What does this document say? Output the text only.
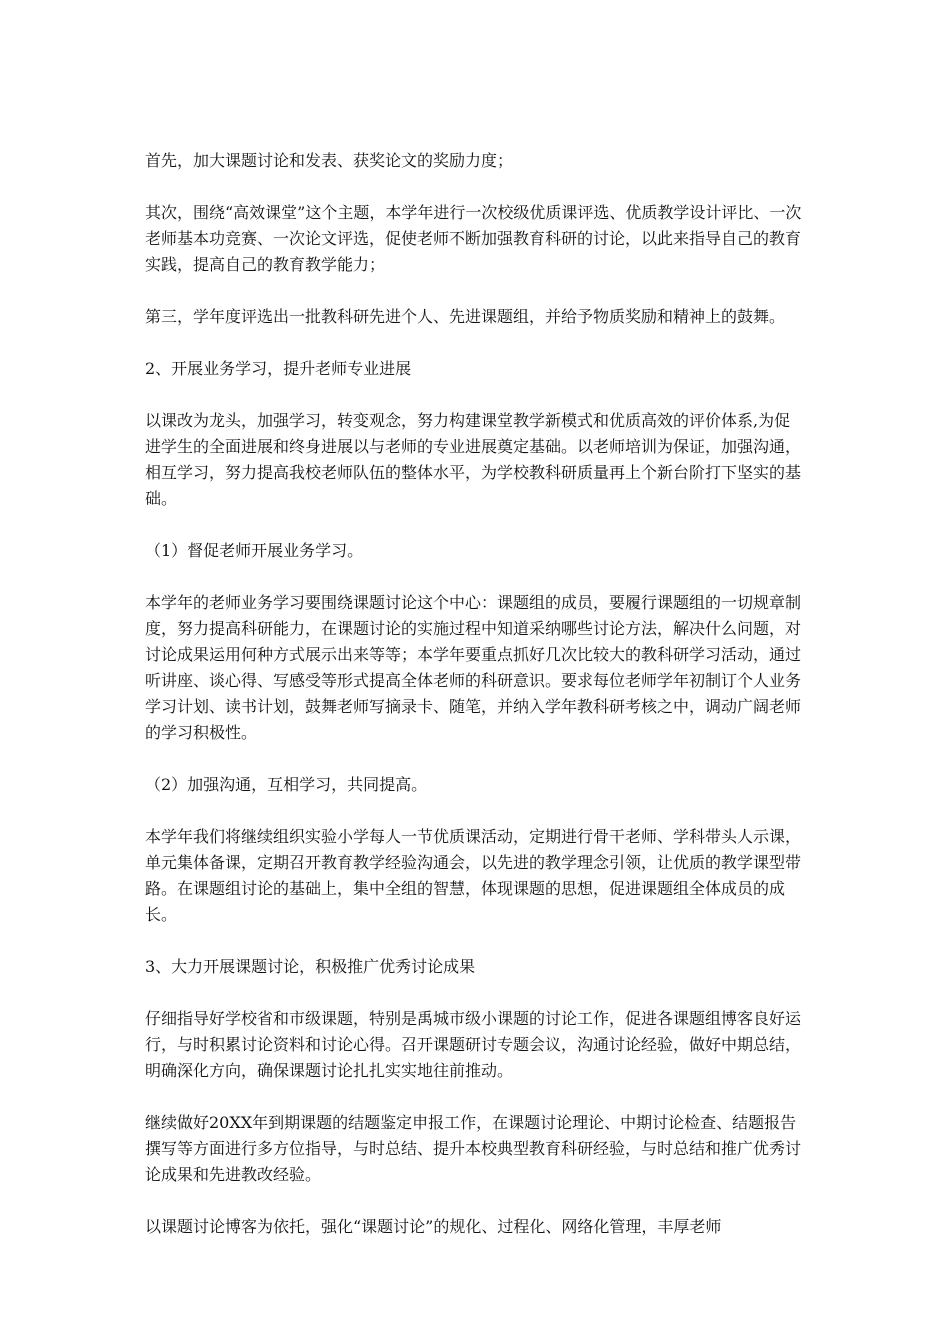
首先，加大课题讨论和发表、获奖论文的奖励力度；

其次，围绕“高效课堂”这个主题，本学年进行一次校级优质课评选、优质教学设计评比、一次老师基本功竞赛、一次论文评选，促使老师不断加强教育科研的讨论，以此来指导自己的教育实践，提高自己的教育教学能力；

第三，学年度评选出一批教科研先进个人、先进课题组，并给予物质奖励和精神上的鼓舞。

2、开展业务学习，提升老师专业进展

以课改为龙头，加强学习，转变观念，努力构建课堂教学新模式和优质高效的评价体系,为促进学生的全面进展和终身进展以与老师的专业进展奠定基础。以老师培训为保证，加强沟通，相互学习，努力提高我校老师队伍的整体水平，为学校教科研质量再上个新台阶打下坚实的基础。

（1）督促老师开展业务学习。

本学年的老师业务学习要围绕课题讨论这个中心：课题组的成员，要履行课题组的一切规章制度，努力提高科研能力，在课题讨论的实施过程中知道采纳哪些讨论方法，解决什么问题，对讨论成果运用何种方式展示出来等等；本学年要重点抓好几次比较大的教科研学习活动，通过听讲座、谈心得、写感受等形式提高全体老师的科研意识。要求每位老师学年初制订个人业务学习计划、读书计划，鼓舞老师写摘录卡、随笔，并纳入学年教科研考核之中，调动广阔老师的学习积极性。

（2）加强沟通，互相学习，共同提高。

本学年我们将继续组织实验小学每人一节优质课活动，定期进行骨干老师、学科带头人示课，单元集体备课，定期召开教育教学经验沟通会，以先进的教学理念引领，让优质的教学课型带路。在课题组讨论的基础上，集中全组的智慧，体现课题的思想，促进课题组全体成员的成长。

3、大力开展课题讨论，积极推广优秀讨论成果

仔细指导好学校省和市级课题，特别是禹城市级小课题的讨论工作，促进各课题组博客良好运行，与时积累讨论资料和讨论心得。召开课题研讨专题会议，沟通讨论经验，做好中期总结，明确深化方向，确保课题讨论扎扎实实地往前推动。

继续做好20XX年到期课题的结题鉴定申报工作，在课题讨论理论、中期讨论检查、结题报告撰写等方面进行多方位指导，与时总结、提升本校典型教育科研经验，与时总结和推广优秀讨论成果和先进教改经验。

以课题讨论博客为依托，强化“课题讨论”的规化、过程化、网络化管理，丰厚老师
